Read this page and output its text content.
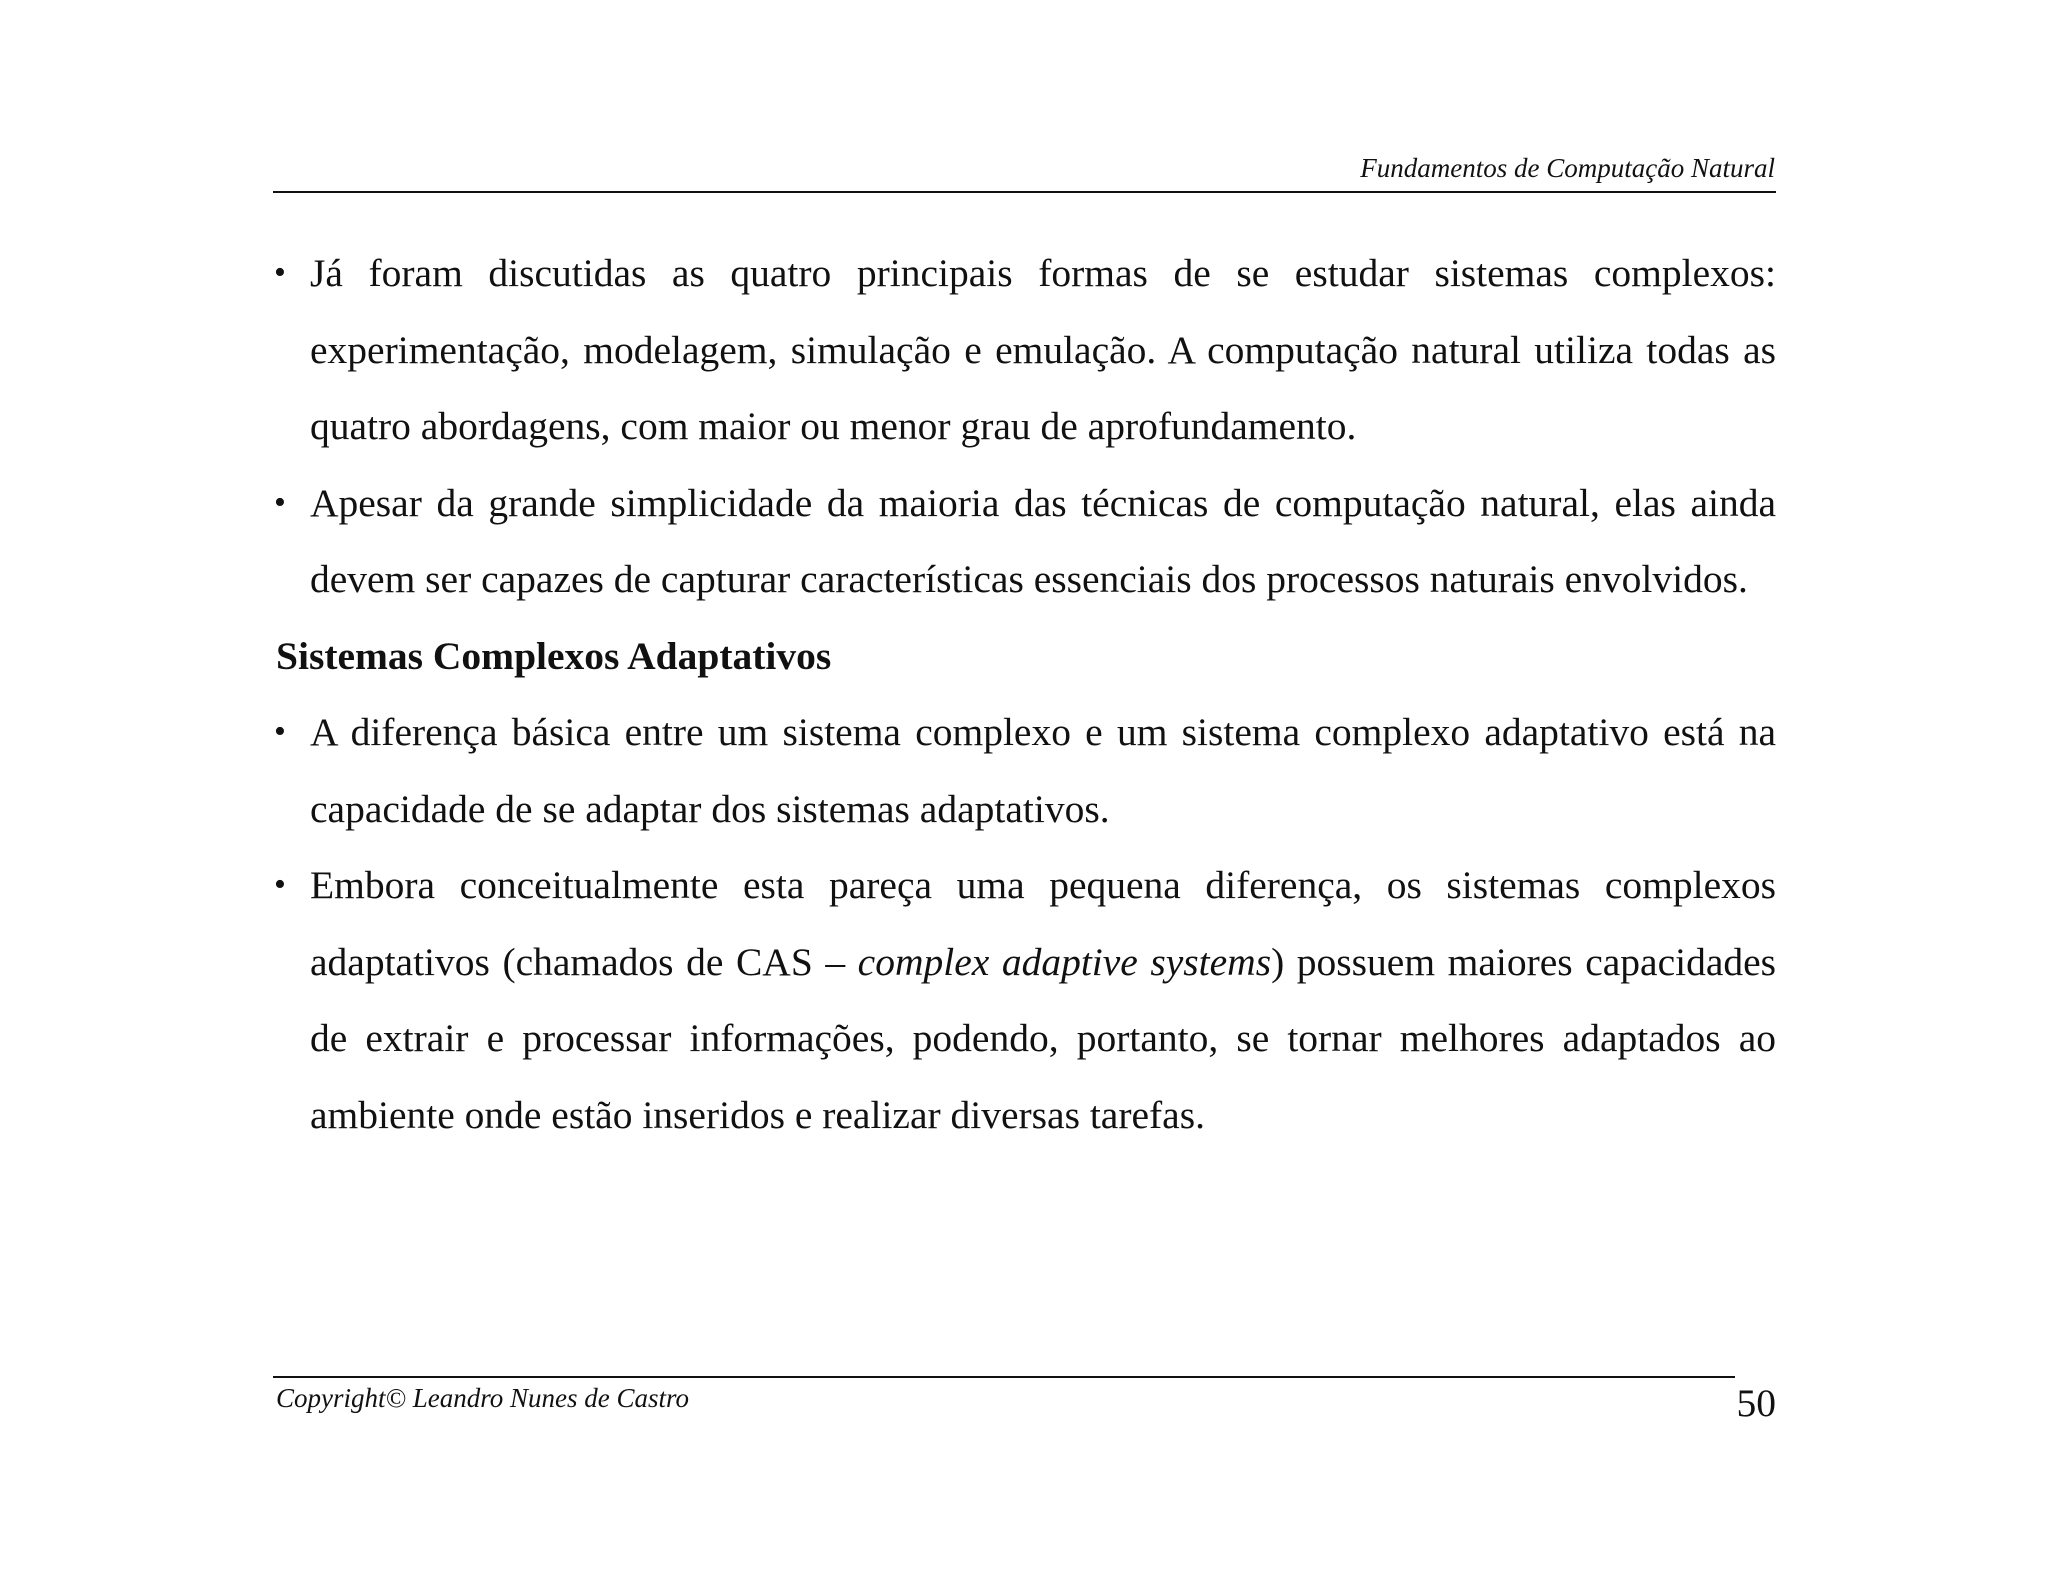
Fundamentos de Computação Natural
• Já foram discutidas as quatro principais formas de se estudar sistemas complexos: experimentação, modelagem, simulação e emulação. A computação natural utiliza todas as quatro abordagens, com maior ou menor grau de aprofundamento.
• Apesar da grande simplicidade da maioria das técnicas de computação natural, elas ainda devem ser capazes de capturar características essenciais dos processos naturais envolvidos.
Sistemas Complexos Adaptativos
• A diferença básica entre um sistema complexo e um sistema complexo adaptativo está na capacidade de se adaptar dos sistemas adaptativos.
• Embora conceitualmente esta pareça uma pequena diferença, os sistemas complexos adaptativos (chamados de CAS – complex adaptive systems) possuem maiores capacidades de extrair e processar informações, podendo, portanto, se tornar melhores adaptados ao ambiente onde estão inseridos e realizar diversas tarefas.
Copyright© Leandro Nunes de Castro	50
